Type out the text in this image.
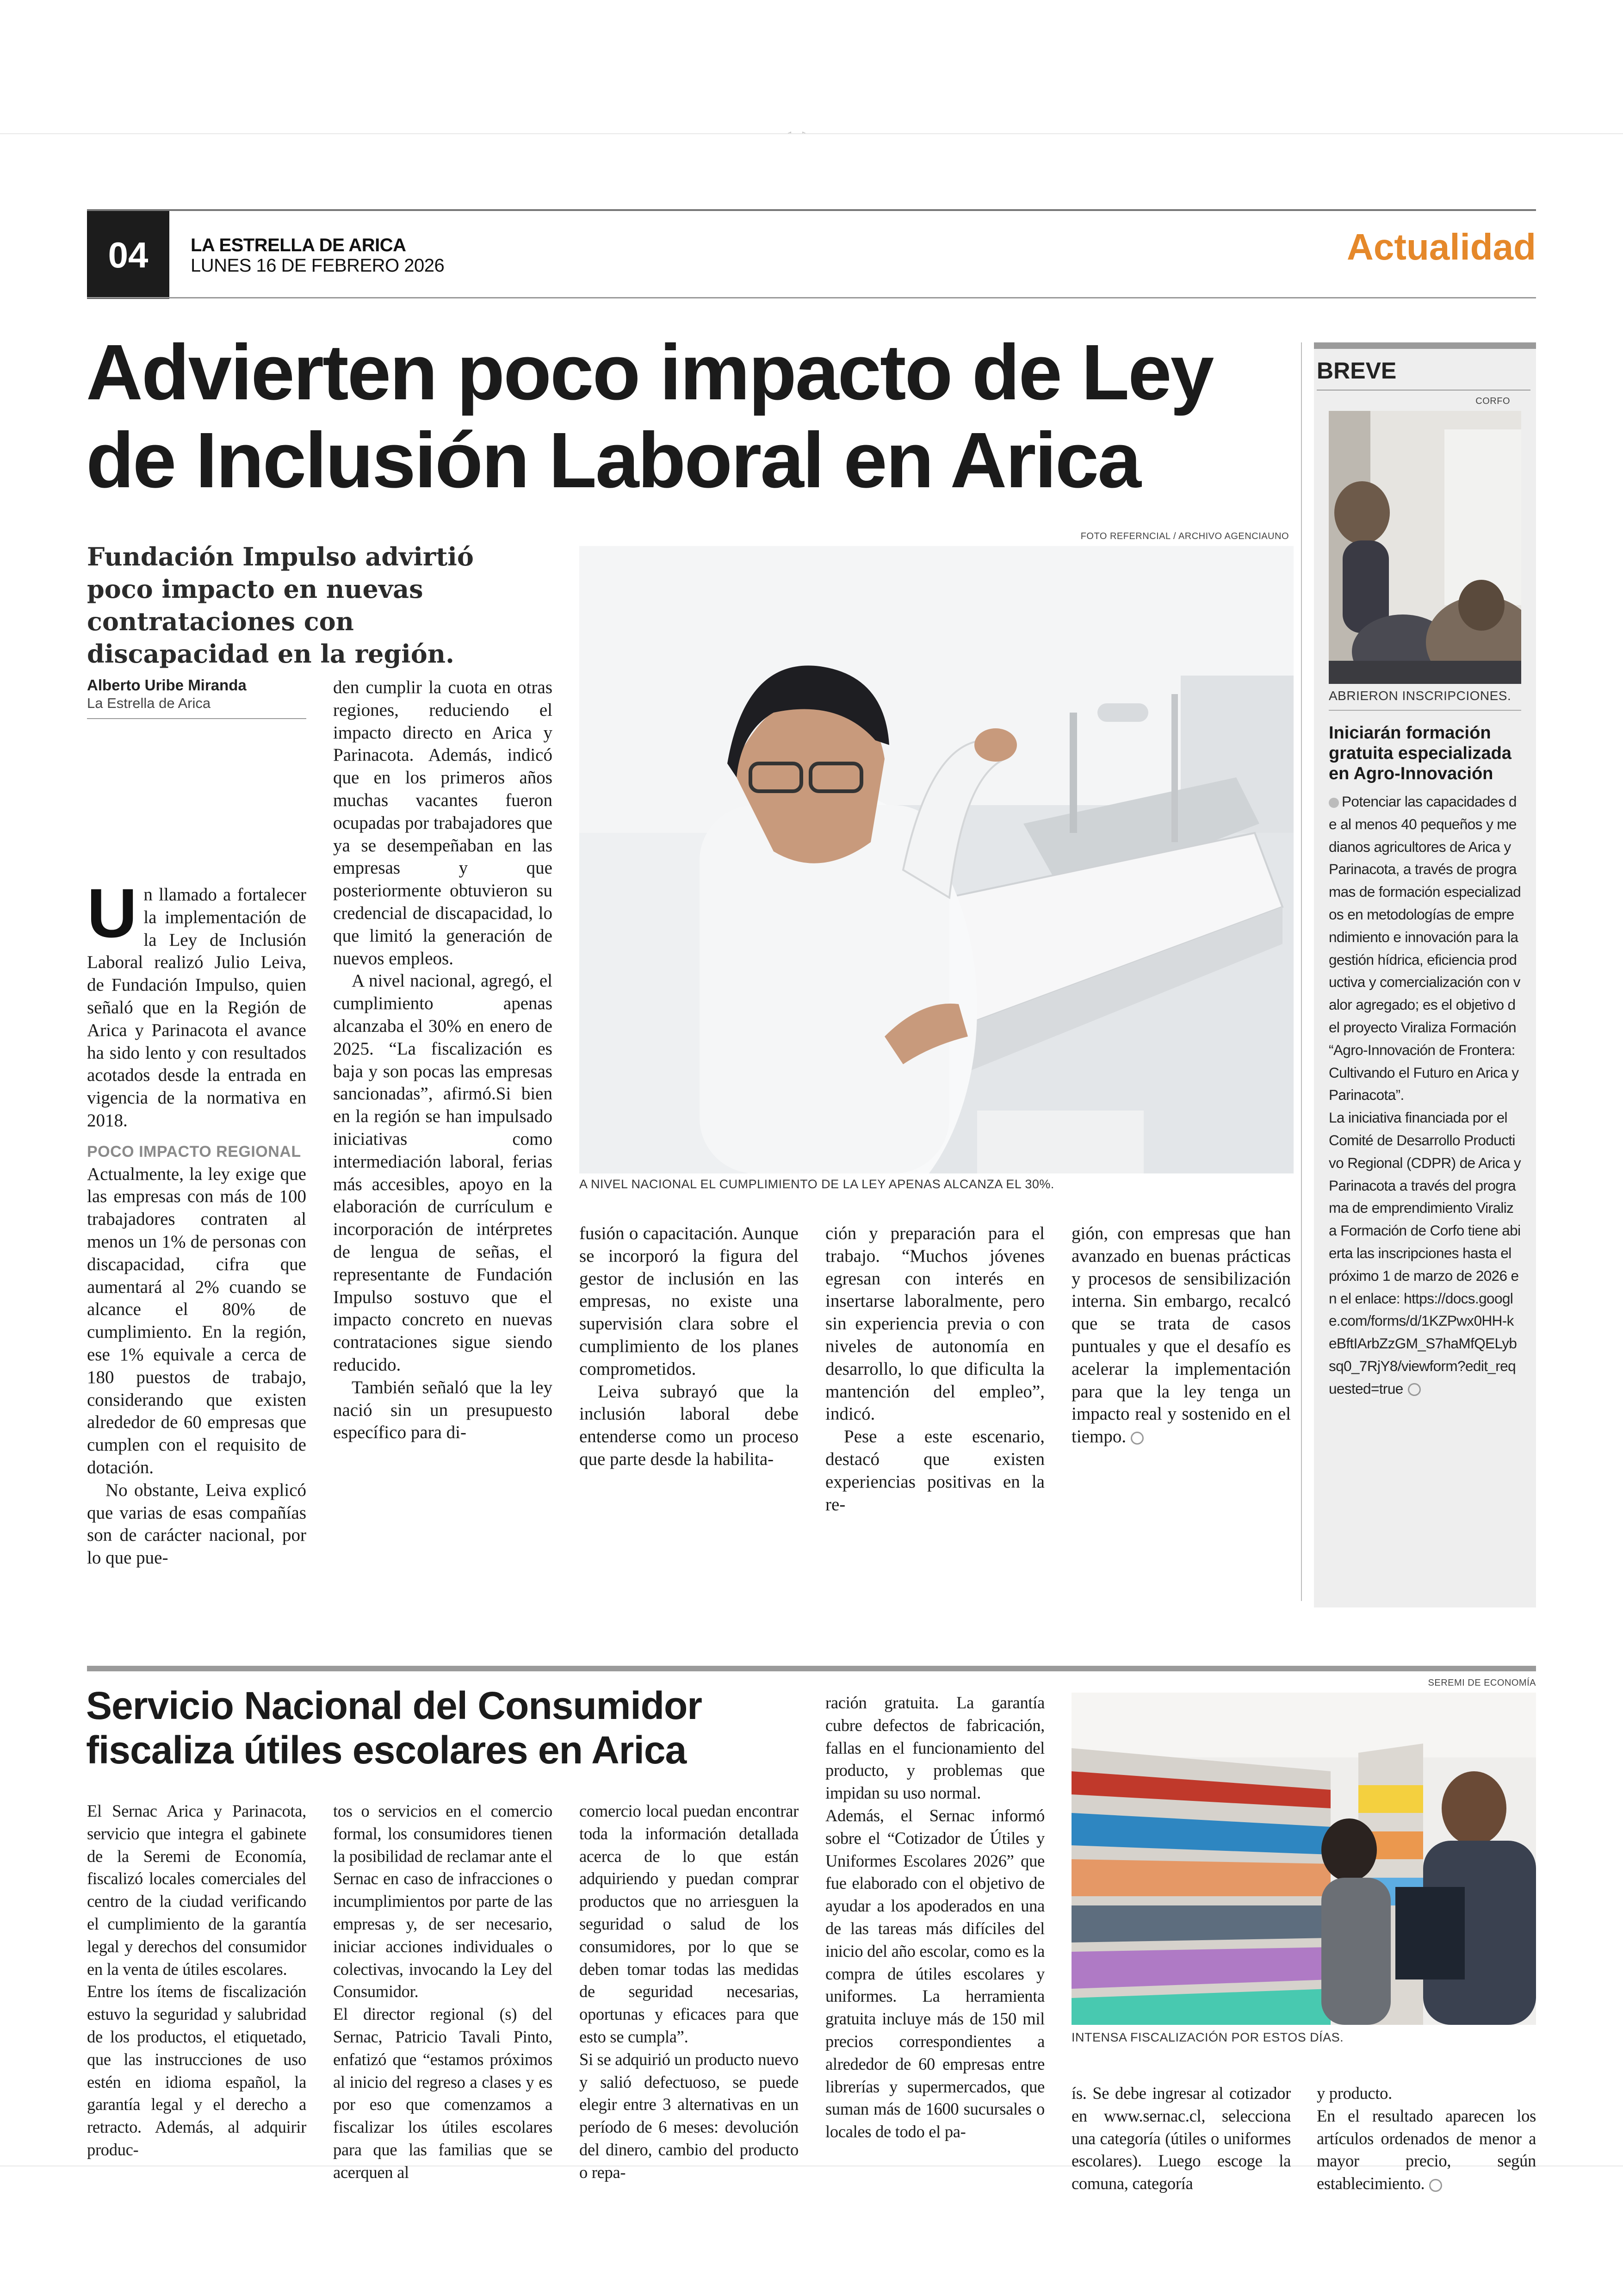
04	LA ESTRELLA DE ARICA
LUNES 16 DE FEBRERO 2026	Actualidad
Advierten poco impacto de Ley de Inclusión Laboral en Arica
Fundación Impulso advirtió poco impacto en nuevas contrataciones con discapacidad en la región.
Alberto Uribe Miranda
La Estrella de Arica
FOTO REFERNCIAL / ARCHIVO AGENCIAUNO
A NIVEL NACIONAL EL CUMPLIMIENTO DE LA LEY APENAS ALCANZA EL 30%.

Un llamado a fortalecer la implementación de la Ley de Inclusión Laboral realizó Julio Leiva, de Fundación Impulso, quien señaló que en la Región de Arica y Parinacota el avance ha sido lento y con resultados acotados desde la entrada en vigencia de la normativa en 2018.

POCO IMPACTO REGIONAL

Actualmente, la ley exige que las empresas con más de 100 trabajadores contraten al menos un 1% de personas con discapacidad, cifra que aumentará al 2% cuando se alcance el 80% de cumplimiento. En la región, ese 1% equivale a cerca de 180 puestos de trabajo, considerando que existen alrededor de 60 empresas que cumplen con el requisito de dotación.

No obstante, Leiva explicó que varias de esas compañías son de carácter nacional, por lo que pue-

den cumplir la cuota en otras regiones, reduciendo el impacto directo en Arica y Parinacota. Además, indicó que en los primeros años muchas vacantes fueron ocupadas por trabajadores que ya se desempeñaban en las empresas y que posteriormente obtuvieron su credencial de discapacidad, lo que limitó la generación de nuevos empleos.

A nivel nacional, agregó, el cumplimiento apenas alcanzaba el 30% en enero de 2025. “La fiscalización es baja y son pocas las empresas sancionadas”, afirmó.Si bien en la región se han impulsado iniciativas como intermediación laboral, ferias más accesibles, apoyo en la elaboración de currículum e incorporación de intérpretes de lengua de señas, el representante de Fundación Impulso sostuvo que el impacto concreto en nuevas contrataciones sigue siendo reducido.

También señaló que la ley nació sin un presupuesto específico para di-

fusión o capacitación. Aunque se incorporó la figura del gestor de inclusión en las empresas, no existe una supervisión clara sobre el cumplimiento de los planes comprometidos.

Leiva subrayó que la inclusión laboral debe entenderse como un proceso que parte desde la habilita-

ción y preparación para el trabajo. “Muchos jóvenes egresan con interés en insertarse laboralmente, pero sin experiencia previa o con niveles de autonomía en desarrollo, lo que dificulta la mantención del empleo”, indicó.

Pese a este escenario, destacó que existen experiencias positivas en la re-

gión, con empresas que han avanzado en buenas prácticas y procesos de sensibilización interna. Sin embargo, recalcó que se trata de casos puntuales y que el desafío es acelerar la implementación para que la ley tenga un impacto real y sostenido en el tiempo.

BREVE
CORFO
ABRIERON INSCRIPCIONES.
Iniciarán formación gratuita especializada en Agro-Innovación

Potenciar las capacidades de al menos 40 pequeños y medianos agricultores de Arica y Parinacota, a través de programas de formación especializados en metodologías de emprendimiento e innovación para la gestión hídrica, eficiencia productiva y comercialización con valor agregado; es el objetivo del proyecto Viraliza Formación “Agro-Innovación de Frontera: Cultivando el Futuro en Arica y Parinacota”.

La iniciativa financiada por el Comité de Desarrollo Productivo Regional (CDPR) de Arica y Parinacota a través del programa de emprendimiento Viraliza Formación de Corfo tiene abierta las inscripciones hasta el próximo 1 de marzo de 2026 en el enlace: https://docs.google.com/forms/d/1KZPwx0HH-keBftIArbZzGM_S7haMfQELybsq0_7RjY8/viewform?edit_requested=true

SEREMI DE ECONOMÍA
Servicio Nacional del Consumidor fiscaliza útiles escolares en Arica
INTENSA FISCALIZACIÓN POR ESTOS DÍAS.

El Sernac Arica y Parinacota, servicio que integra el gabinete de la Seremi de Economía, fiscalizó locales comerciales del centro de la ciudad verificando el cumplimiento de la garantía legal y derechos del consumidor en la venta de útiles escolares.

Entre los ítems de fiscalización estuvo la seguridad y salubridad de los productos, el etiquetado, que las instrucciones de uso estén en idioma español, la garantía legal y el derecho a retracto. Además, al adquirir produc-

tos o servicios en el comercio formal, los consumidores tienen la posibilidad de reclamar ante el Sernac en caso de infracciones o incumplimientos por parte de las empresas y, de ser necesario, iniciar acciones individuales o colectivas, invocando la Ley del Consumidor.

El director regional (s) del Sernac, Patricio Tavali Pinto, enfatizó que “estamos próximos al inicio del regreso a clases y es por eso que comenzamos a fiscalizar los útiles escolares para que las familias que se acerquen al

comercio local puedan encontrar toda la información detallada acerca de lo que están adquiriendo y puedan comprar productos que no arriesguen la seguridad o salud de los consumidores, por lo que se deben tomar todas las medidas de seguridad necesarias, oportunas y eficaces para que esto se cumpla”.

Si se adquirió un producto nuevo y salió defectuoso, se puede elegir entre 3 alternativas en un período de 6 meses: devolución del dinero, cambio del producto o repa-

ración gratuita. La garantía cubre defectos de fabricación, fallas en el funcionamiento del producto, y problemas que impidan su uso normal.

Además, el Sernac informó sobre el “Cotizador de Útiles y Uniformes Escolares 2026” que fue elaborado con el objetivo de ayudar a los apoderados en una de las tareas más difíciles del inicio del año escolar, como es la compra de útiles escolares y uniformes. La herramienta gratuita incluye más de 150 mil precios correspondientes a alrededor de 60 empresas entre librerías y supermercados, que suman más de 1600 sucursales o locales de todo el pa-

ís. Se debe ingresar al cotizador en www.sernac.cl, selecciona una categoría (útiles o uniformes escolares). Luego escoge la comuna, categoría

y producto.

En el resultado aparecen los artículos ordenados de menor a mayor precio, según establecimiento.
